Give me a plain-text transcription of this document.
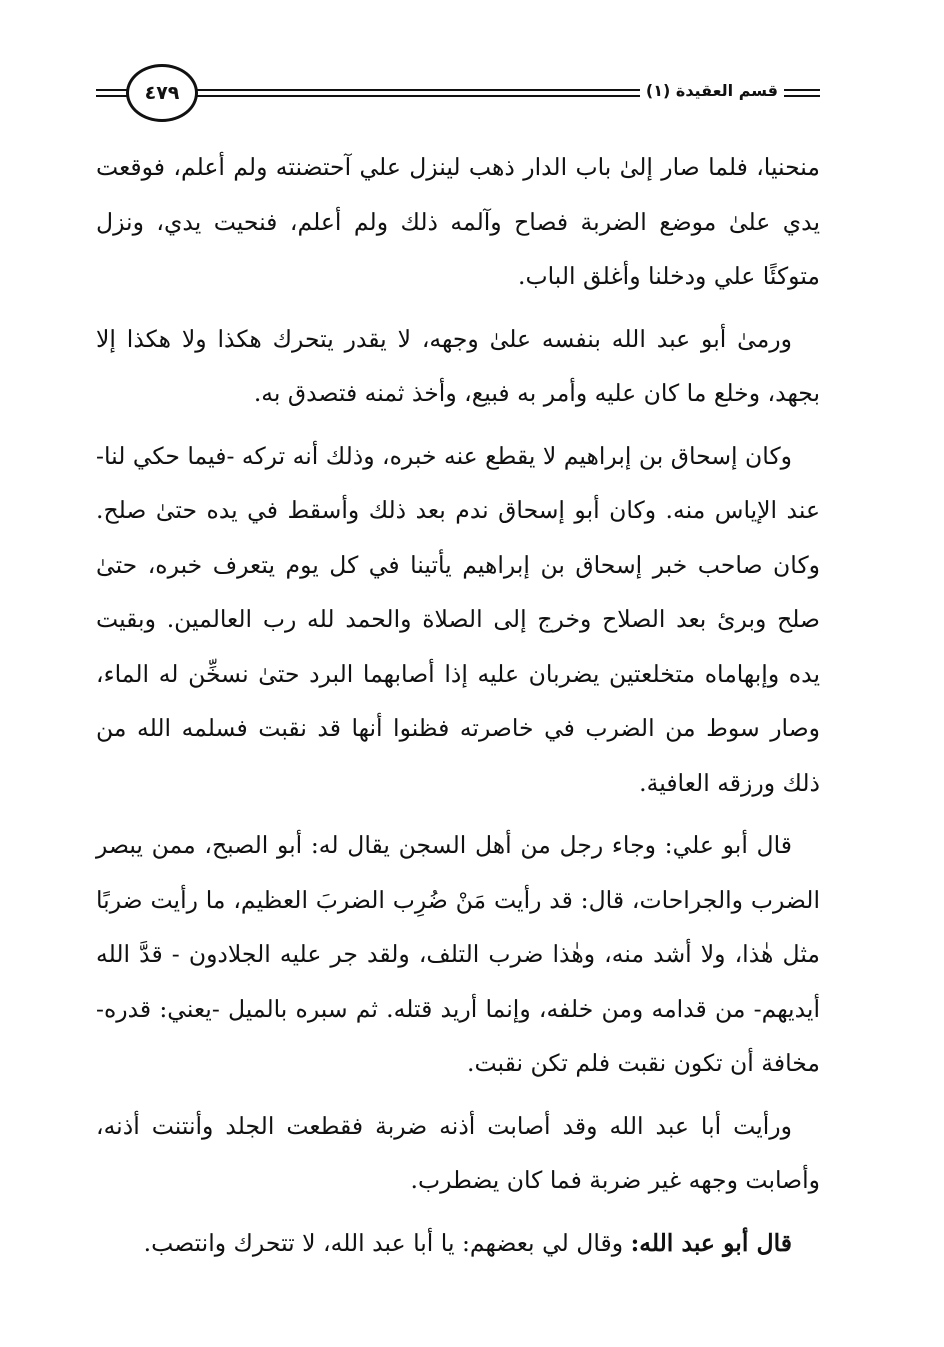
٤٧٩	قسم العقيدة (١)

منحنيا، فلما صار إلىٰ باب الدار ذهب لينزل علي آحتضنته ولم أعلم، فوقعت يدي علىٰ موضع الضربة فصاح وآلمه ذلك ولم أعلم، فنحيت يدي، ونزل متوكئًا علي ودخلنا وأغلق الباب.

ورمىٰ أبو عبد الله بنفسه علىٰ وجهه، لا يقدر يتحرك هكذا ولا هكذا إلا بجهد، وخلع ما كان عليه وأمر به فبيع، وأخذ ثمنه فتصدق به.

وكان إسحاق بن إبراهيم لا يقطع عنه خبره، وذلك أنه تركه -فيما حكي لنا- عند الإياس منه. وكان أبو إسحاق ندم بعد ذلك وأسقط في يده حتىٰ صلح. وكان صاحب خبر إسحاق بن إبراهيم يأتينا في كل يوم يتعرف خبره، حتىٰ صلح وبرئ بعد الصلاح وخرج إلى الصلاة والحمد لله رب العالمين. وبقيت يده وإبهاماه متخلعتين يضربان عليه إذا أصابهما البرد حتىٰ نسخِّن له الماء، وصار سوط من الضرب في خاصرته فظنوا أنها قد نقبت فسلمه الله من ذلك ورزقه العافية.

قال أبو علي: وجاء رجل من أهل السجن يقال له: أبو الصبح، ممن يبصر الضرب والجراحات، قال: قد رأيت مَنْ ضُرِب الضربَ العظيم، ما رأيت ضربًا مثل هٰذا، ولا أشد منه، وهٰذا ضرب التلف، ولقد جر عليه الجلادون - قدَّ الله أيديهم- من قدامه ومن خلفه، وإنما أريد قتله. ثم سبره بالميل -يعني: قدره- مخافة أن تكون نقبت فلم تكن نقبت.

ورأيت أبا عبد الله وقد أصابت أذنه ضربة فقطعت الجلد وأنتنت أذنه، وأصابت وجهه غير ضربة فما كان يضطرب.

قال أبو عبد الله: وقال لي بعضهم: يا أبا عبد الله، لا تتحرك وانتصب.
